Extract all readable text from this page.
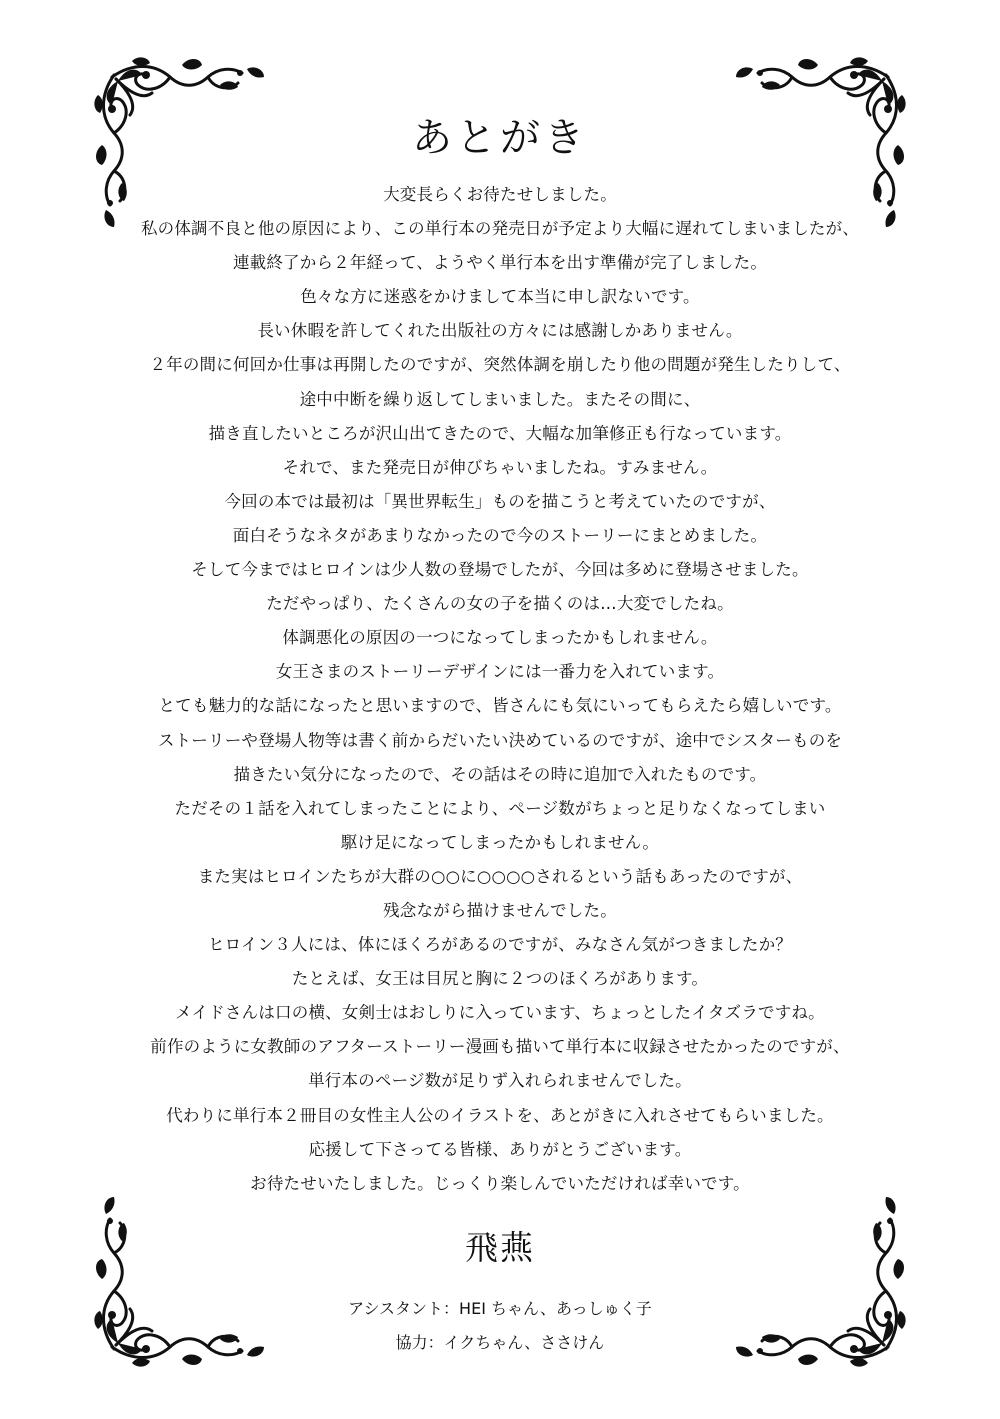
あとがき
大変長らくお待たせしました。
私の体調不良と他の原因により、この単行本の発売日が予定より大幅に遅れてしまいましたが、
連載終了から２年経って、ようやく単行本を出す準備が完了しました。
色々な方に迷惑をかけまして本当に申し訳ないです。
長い休暇を許してくれた出版社の方々には感謝しかありません。
２年の間に何回か仕事は再開したのですが、突然体調を崩したり他の問題が発生したりして、
途中中断を繰り返してしまいました。またその間に、
描き直したいところが沢山出てきたので、大幅な加筆修正も行なっています。
それで、また発売日が伸びちゃいましたね。すみません。
今回の本では最初は「異世界転生」ものを描こうと考えていたのですが、
面白そうなネタがあまりなかったので今のストーリーにまとめました。
そして今まではヒロインは少人数の登場でしたが、今回は多めに登場させました。
ただやっぱり、たくさんの女の子を描くのは…大変でしたね。
体調悪化の原因の一つになってしまったかもしれません。
女王さまのストーリーデザインには一番力を入れています。
とても魅力的な話になったと思いますので、皆さんにも気にいってもらえたら嬉しいです。
ストーリーや登場人物等は書く前からだいたい決めているのですが、途中でシスターものを
描きたい気分になったので、その話はその時に追加で入れたものです。
ただその１話を入れてしまったことにより、ページ数がちょっと足りなくなってしまい
駆け足になってしまったかもしれません。
また実はヒロインたちが大群の○○に○○○○されるという話もあったのですが、
残念ながら描けませんでした。
ヒロイン３人には、体にほくろがあるのですが、みなさん気がつきましたか？
たとえば、女王は目尻と胸に２つのほくろがあります。
メイドさんは口の横、女剣士はおしりに入っています、ちょっとしたイタズラですね。
前作のように女教師のアフターストーリー漫画も描いて単行本に収録させたかったのですが、
単行本のページ数が足りず入れられませんでした。
代わりに単行本２冊目の女性主人公のイラストを、あとがきに入れさせてもらいました。
応援して下さってる皆様、ありがとうございます。
お待たせいたしました。じっくり楽しんでいただければ幸いです。
飛燕
アシスタント：HEI ちゃん、あっしゅく子
協力：イクちゃん、ささけん
